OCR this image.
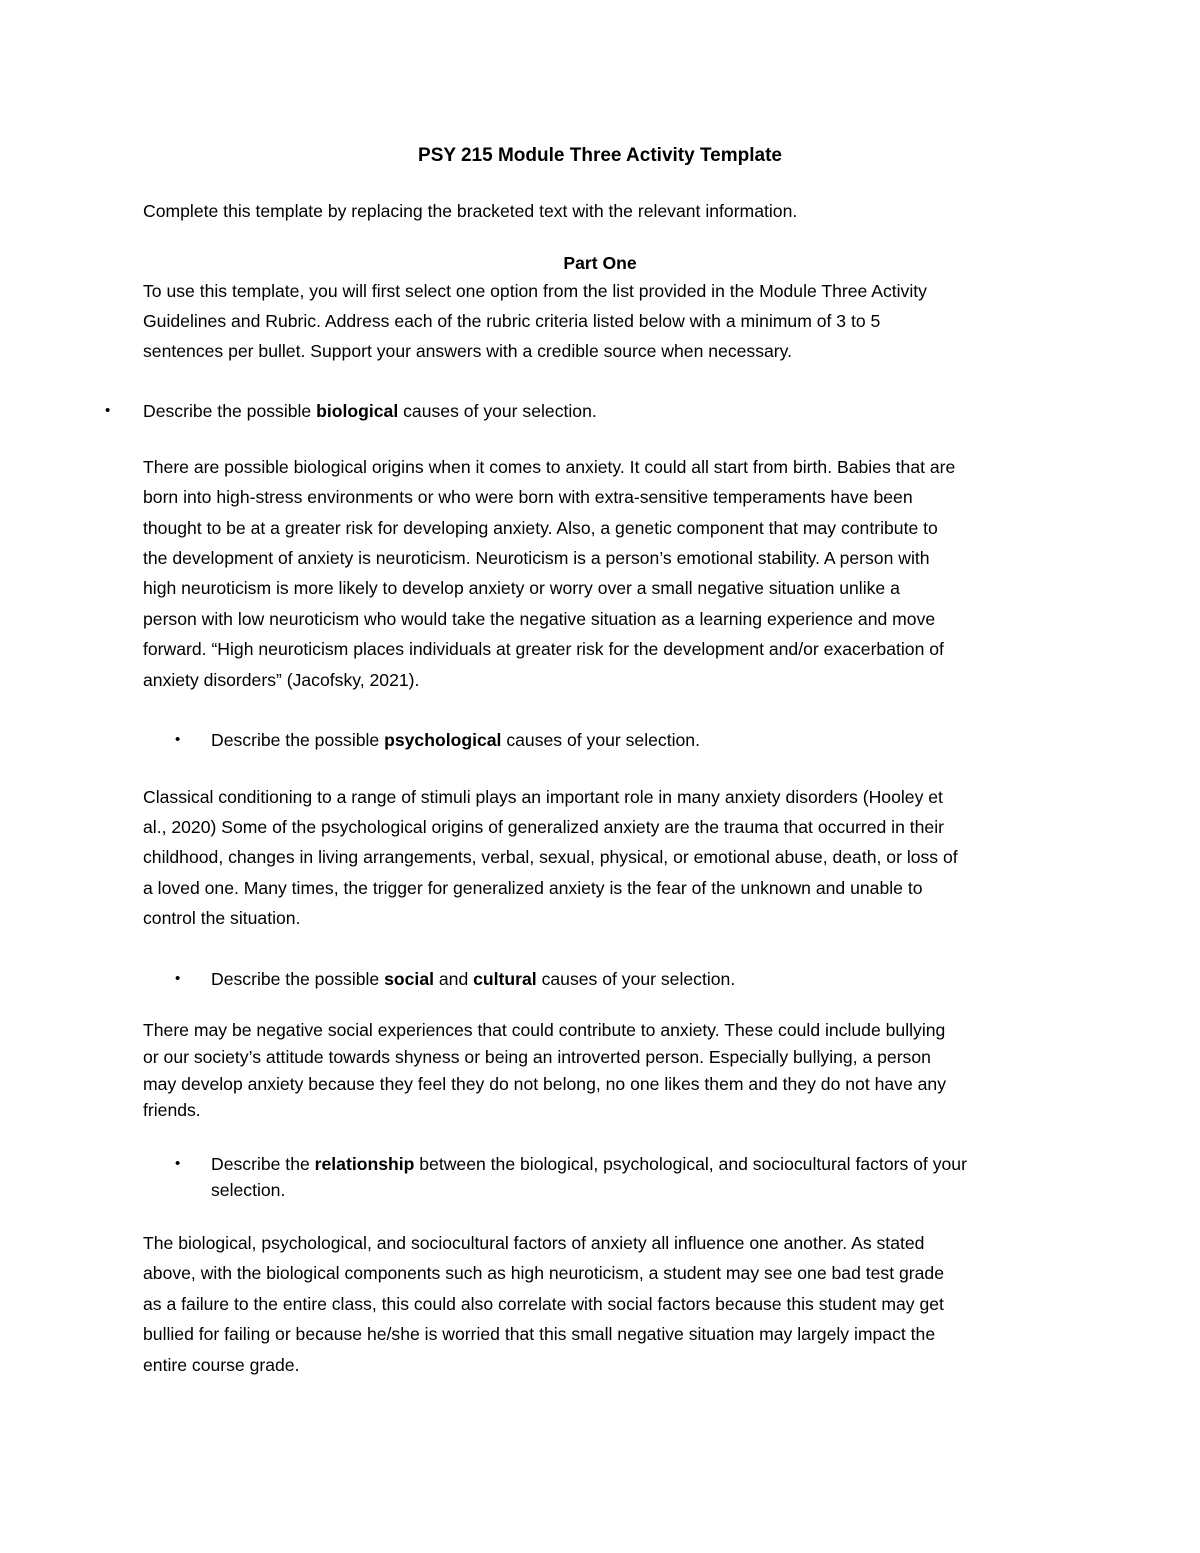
PSY 215 Module Three Activity Template
Complete this template by replacing the bracketed text with the relevant information.
Part One
To use this template, you will first select one option from the list provided in the Module Three Activity
Guidelines and Rubric. Address each of the rubric criteria listed below with a minimum of 3 to 5
sentences per bullet. Support your answers with a credible source when necessary.
• Describe the possible biological causes of your selection.
There are possible biological origins when it comes to anxiety. It could all start from birth. Babies that are
born into high-stress environments or who were born with extra-sensitive temperaments have been
thought to be at a greater risk for developing anxiety. Also, a genetic component that may contribute to
the development of anxiety is neuroticism. Neuroticism is a person’s emotional stability. A person with
high neuroticism is more likely to develop anxiety or worry over a small negative situation unlike a
person with low neuroticism who would take the negative situation as a learning experience and move
forward. “High neuroticism places individuals at greater risk for the development and/or exacerbation of
anxiety disorders” (Jacofsky, 2021).
• Describe the possible psychological causes of your selection.
Classical conditioning to a range of stimuli plays an important role in many anxiety disorders (Hooley et
al., 2020) Some of the psychological origins of generalized anxiety are the trauma that occurred in their
childhood, changes in living arrangements, verbal, sexual, physical, or emotional abuse, death, or loss of
a loved one. Many times, the trigger for generalized anxiety is the fear of the unknown and unable to
control the situation.
• Describe the possible social and cultural causes of your selection.
There may be negative social experiences that could contribute to anxiety. These could include bullying
or our society’s attitude towards shyness or being an introverted person. Especially bullying, a person
may develop anxiety because they feel they do not belong, no one likes them and they do not have any
friends.
• Describe the relationship between the biological, psychological, and sociocultural factors of your
selection.
The biological, psychological, and sociocultural factors of anxiety all influence one another. As stated
above, with the biological components such as high neuroticism, a student may see one bad test grade
as a failure to the entire class, this could also correlate with social factors because this student may get
bullied for failing or because he/she is worried that this small negative situation may largely impact the
entire course grade.
